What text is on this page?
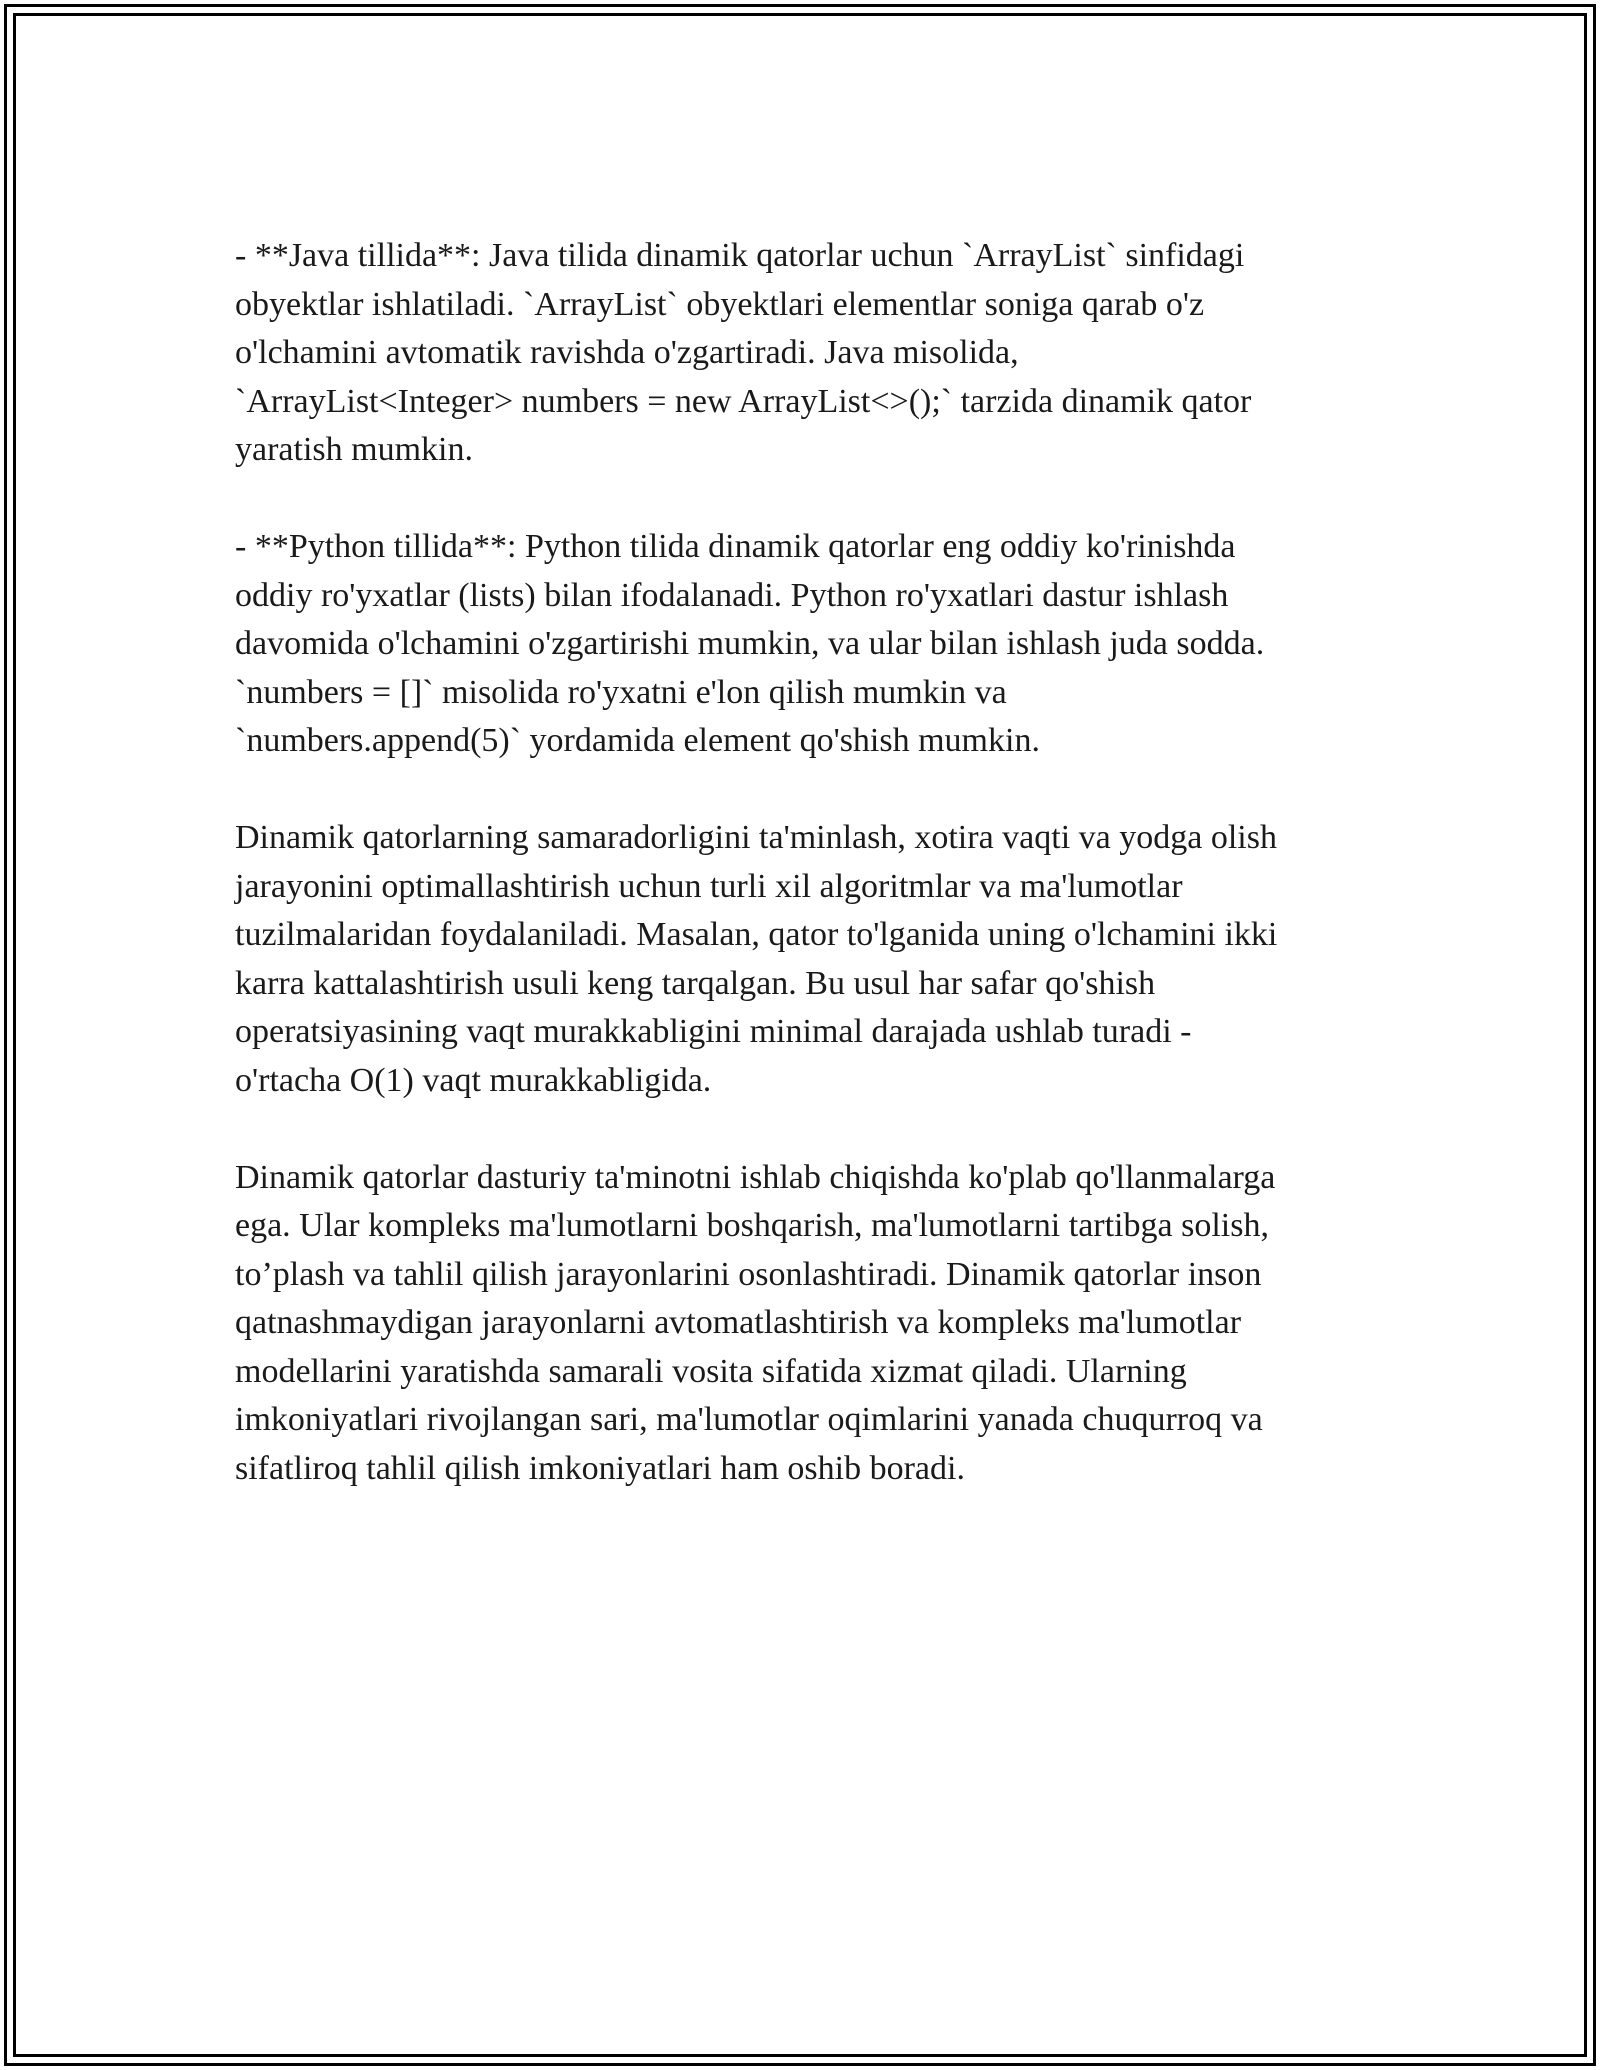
- **Java tillida**: Java tilida dinamik qatorlar uchun `ArrayList` sinfidagi
obyektlar ishlatiladi. `ArrayList` obyektlari elementlar soniga qarab o'z
o'lchamini avtomatik ravishda o'zgartiradi. Java misolida,
`ArrayList<Integer> numbers = new ArrayList<>();` tarzida dinamik qator
yaratish mumkin.

- **Python tillida**: Python tilida dinamik qatorlar eng oddiy ko'rinishda
oddiy ro'yxatlar (lists) bilan ifodalanadi. Python ro'yxatlari dastur ishlash
davomida o'lchamini o'zgartirishi mumkin, va ular bilan ishlash juda sodda.
`numbers = []` misolida ro'yxatni e'lon qilish mumkin va
`numbers.append(5)` yordamida element qo'shish mumkin.

Dinamik qatorlarning samaradorligini ta'minlash, xotira vaqti va yodga olish
jarayonini optimallashtirish uchun turli xil algoritmlar va ma'lumotlar
tuzilmalaridan foydalaniladi. Masalan, qator to'lganida uning o'lchamini ikki
karra kattalashtirish usuli keng tarqalgan. Bu usul har safar qo'shish
operatsiyasining vaqt murakkabligini minimal darajada ushlab turadi -
o'rtacha O(1) vaqt murakkabligida.

Dinamik qatorlar dasturiy ta'minotni ishlab chiqishda ko'plab qo'llanmalarga
ega. Ular kompleks ma'lumotlarni boshqarish, ma'lumotlarni tartibga solish,
to’plash va tahlil qilish jarayonlarini osonlashtiradi. Dinamik qatorlar inson
qatnashmaydigan jarayonlarni avtomatlashtirish va kompleks ma'lumotlar
modellarini yaratishda samarali vosita sifatida xizmat qiladi. Ularning
imkoniyatlari rivojlangan sari, ma'lumotlar oqimlarini yanada chuqurroq va
sifatliroq tahlil qilish imkoniyatlari ham oshib boradi.
